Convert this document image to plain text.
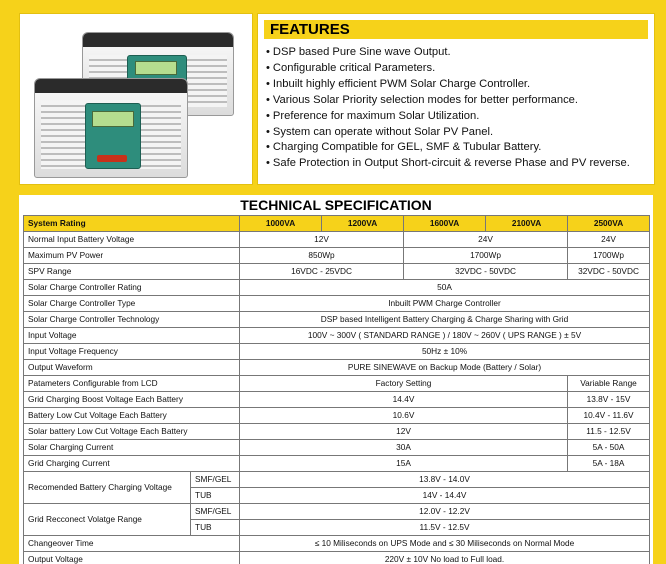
FEATURES
• DSP based Pure Sine wave Output.
• Configurable critical Parameters.
• Inbuilt highly efficient PWM Solar Charge Controller.
• Various Solar Priority selection modes for better performance.
• Preference for maximum Solar Utilization.
• System can operate without Solar PV Panel.
• Charging Compatible for GEL, SMF & Tubular Battery.
• Safe Protection in Output Short-circuit & reverse Phase and PV reverse.
TECHNICAL SPECIFICATION
System Rating		1000VA	1200VA	1600VA	2100VA	2500VA
Normal Input Battery Voltage		12V		24V		24V
Maximum PV Power		850Wp		1700Wp		1700Wp
SPV Range		16VDC - 25VDC		32VDC - 50VDC		32VDC - 50VDC
Solar Charge Controller Rating		50A				
Solar Charge Controller Type		Inbuilt PWM Charge Controller				
Solar Charge Controller Technology		DSP based Intelligent Battery Charging & Charge Sharing with Grid				
Input Voltage		100V ~ 300V ( STANDARD RANGE ) / 180V ~ 260V ( UPS RANGE ) ± 5V				
Input Voltage Frequency		50Hz ± 10%				
Output Waveform		PURE SINEWAVE on Backup Mode (Battery / Solar)				
Patameters Configurable from LCD		Factory Setting				Variable Range
Grid Charging Boost Voltage Each Battery		14.4V				13.8V - 15V
Battery Low Cut Voltage Each Battery		10.6V				10.4V - 11.6V
Solar battery Low Cut Voltage Each Battery		12V				11.5 - 12.5V
Solar Charging Current		30A				5A - 50A
Grid Charging Current		15A				5A - 18A
Recomended Battery Charging Voltage	SMF/GEL	13.8V - 14.0V				
	TUB	14V - 14.4V				
Grid Recconect Volatge Range	SMF/GEL	12.0V - 12.2V				
	TUB	11.5V - 12.5V				
Changeover Time		≤ 10 Miliseconds on UPS Mode and ≤ 30 Miliseconds on Normal Mode				
Output Voltage		220V ± 10V No load to Full load.				
